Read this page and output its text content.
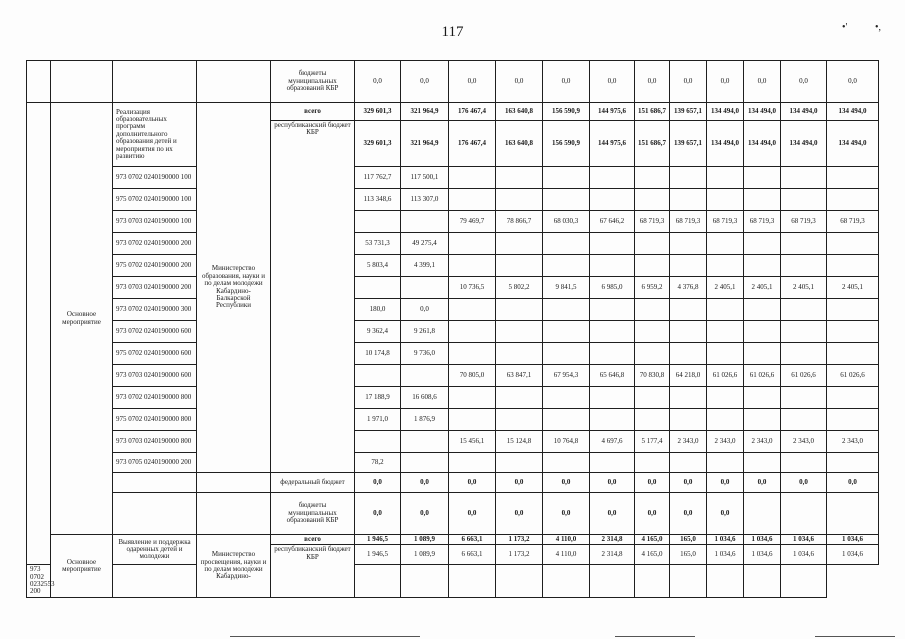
117	•'	•,
				бюджеты муниципальных образований КБР	0,0	0,0	0,0	0,0	0,0	0,0	0,0	0,0	0,0	0,0	0,0	0,0
	Основное мероприятие	Реализация образовательных программ дополнительного образования детей и мероприятия по их развитию	Министерство образования, науки и по делам молодежи Кабардино-Балкарской Республики	всего	329 601,3	321 964,9	176 467,4	163 640,8	156 590,9	144 975,6	151 686,7	139 657,1	134 494,0	134 494,0	134 494,0	134 494,0
				республиканский бюджет КБР	329 601,3	321 964,9	176 467,4	163 640,8	156 590,9	144 975,6	151 686,7	139 657,1	134 494,0	134 494,0	134 494,0	134 494,0
		973 0702 0240190000 100			117 762,7	117 500,1										
		975 0702 0240190000 100			113 348,6	113 307,0										
		973 0703 0240190000 100					79 469,7	78 866,7	68 030,3	67 646,2	68 719,3	68 719,3	68 719,3	68 719,3	68 719,3	68 719,3
		973 0702 0240190000 200			53 731,3	49 275,4										
		975 0702 0240190000 200			5 803,4	4 399,1										
		973 0703 0240190000 200					10 736,5	5 802,2	9 841,5	6 985,0	6 959,2	4 376,8	2 405,1	2 405,1	2 405,1	2 405,1
		973 0702 0240190000 300			180,0	0,0										
		973 0702 0240190000 600			9 362,4	9 261,8										
		975 0702 0240190000 600			10 174,8	9 736,0										
		973 0703 0240190000 600					70 805,0	63 847,1	67 954,3	65 646,8	70 830,8	64 218,0	61 026,6	61 026,6	61 026,6	61 026,6
		973 0702 0240190000 800			17 188,9	16 608,6										
		975 0702 0240190000 800			1 971,0	1 876,9										
		973 0703 0240190000 800					15 456,1	15 124,8	10 764,8	4 697,6	5 177,4	2 343,0	2 343,0	2 343,0	2 343,0	2 343,0
		973 0705 0240190000 200			78,2											
				федеральный бюджет	0,0	0,0	0,0	0,0	0,0	0,0	0,0	0,0	0,0	0,0	0,0	0,0
				бюджеты муниципальных образований КБР	0,0	0,0	0,0	0,0	0,0	0,0	0,0	0,0	0,0			
	Основное мероприятие	Выявление и поддержка одаренных детей и молодежи	Министерство просвещения, науки и по делам молодежи Кабардино-	всего	1 946,5	1 089,9	6 663,1	1 173,2	4 110,0	2 314,8	4 165,0	165,0	1 034,6	1 034,6	1 034,6	1 034,6
				республиканский бюджет КБР	1 946,5	1 089,9	6 663,1	1 173,2	4 110,0	2 314,8	4 165,0	165,0	1 034,6	1 034,6	1 034,6	1 034,6
973 0702 0232553 200																
